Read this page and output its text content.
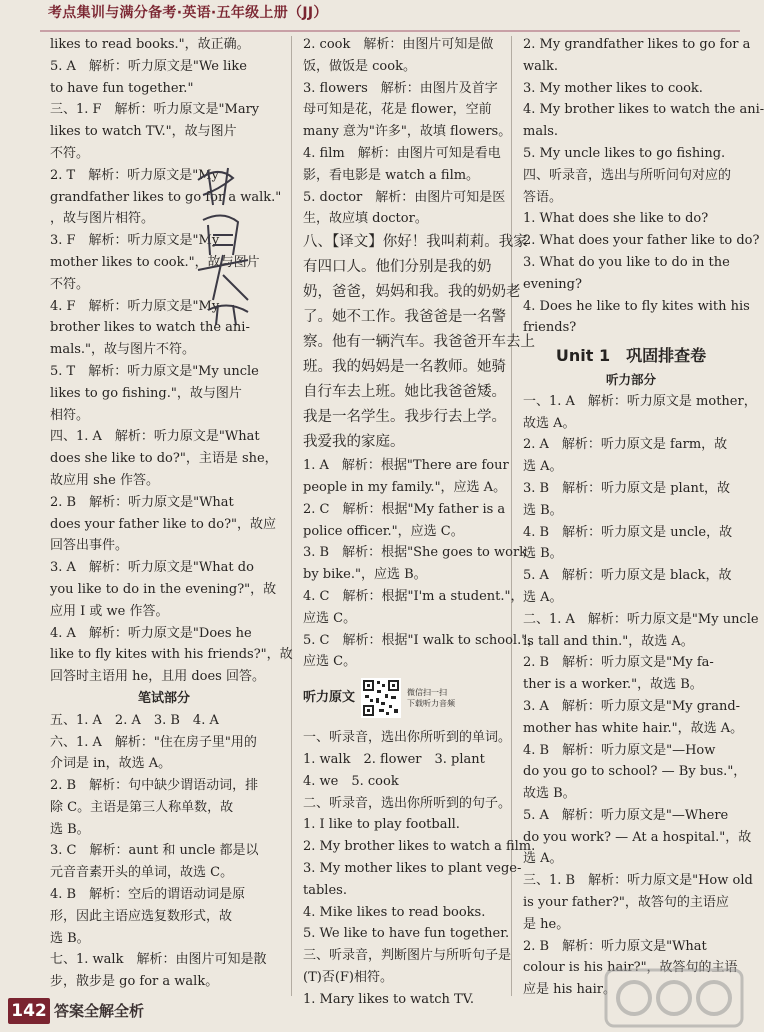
考点集训与满分备考·英语·五年级上册（JJ）
likes to read books."，故正确。
5. A　解析：听力原文是"We like
to have fun together."
三、1. F　解析：听力原文是"Mary
likes to watch TV."，故与图片
不符。
2. T　解析：听力原文是"My
grandfather likes to go for a walk."
，故与图片相符。
3. F　解析：听力原文是"My
mother likes to cook."，故与图片
不符。
4. F　解析：听力原文是"My
brother likes to watch the ani-
mals."，故与图片不符。
5. T　解析：听力原文是"My uncle
likes to go fishing."，故与图片
相符。
四、1. A　解析：听力原文是"What
does she like to do?"，主语是 she，
故应用 she 作答。
2. B　解析：听力原文是"What
does your father like to do?"，故应
回答出事件。
3. A　解析：听力原文是"What do
you like to do in the evening?"，故
应用 I 或 we 作答。
4. A　解析：听力原文是"Does he
like to fly kites with his friends?"，故
回答时主语用 he，且用 does 回答。
笔试部分
五、1. A　2. A　3. B　4. A
六、1. A　解析："住在房子里"用的
介词是 in，故选 A。
2. B　解析：句中缺少谓语动词，排
除 C。主语是第三人称单数，故
选 B。
3. C　解析：aunt 和 uncle 都是以
元音音素开头的单词，故选 C。
4. B　解析：空后的谓语动词是原
形，因此主语应选复数形式，故
选 B。
七、1. walk　解析：由图片可知是散
步，散步是 go for a walk。
2. cook　解析：由图片可知是做
饭，做饭是 cook。
3. flowers　解析：由图片及首字
母可知是花，花是 flower，空前
many 意为"许多"，故填 flowers。
4. film　解析：由图片可知是看电
影，看电影是 watch a film。
5. doctor　解析：由图片可知是医
生，故应填 doctor。
八、【译文】你好！我叫莉莉。我家
有四口人。他们分别是我的奶
奶，爸爸，妈妈和我。我的奶奶老
了。她不工作。我爸爸是一名警
察。他有一辆汽车。我爸爸开车去上
班。我的妈妈是一名教师。她骑
自行车去上班。她比我爸爸矮。
我是一名学生。我步行去上学。
我爱我的家庭。
1. A　解析：根据"There are four
people in my family."，应选 A。
2. C　解析：根据"My father is a
police officer."，应选 C。
3. B　解析：根据"She goes to work
by bike."，应选 B。
4. C　解析：根据"I'm a student."，
应选 C。
5. C　解析：根据"I walk to school."，
应选 C。
听力原文	微信扫一扫
下载听力音频
一、听录音，选出你所听到的单词。
1. walk　2. flower　3. plant
4. we　5. cook
二、听录音，选出你所听到的句子。
1. I like to play football.
2. My brother likes to watch a film.
3. My mother likes to plant vege-
tables.
4. Mike likes to read books.
5. We like to have fun together.
三、听录音，判断图片与所听句子是
(T)否(F)相符。
1. Mary likes to watch TV.
2. My grandfather likes to go for a
walk.
3. My mother likes to cook.
4. My brother likes to watch the ani-
mals.
5. My uncle likes to go fishing.
四、听录音，选出与所听问句对应的
答语。
1. What does she like to do?
2. What does your father like to do?
3. What do you like to do in the
evening?
4. Does he like to fly kites with his
friends?
Unit 1　巩固排查卷
听力部分
一、1. A　解析：听力原文是 mother，
故选 A。
2. A　解析：听力原文是 farm，故
选 A。
3. B　解析：听力原文是 plant，故
选 B。
4. B　解析：听力原文是 uncle，故
选 B。
5. A　解析：听力原文是 black，故
选 A。
二、1. A　解析：听力原文是"My uncle
is tall and thin."，故选 A。
2. B　解析：听力原文是"My fa-
ther is a worker."，故选 B。
3. A　解析：听力原文是"My grand-
mother has white hair."，故选 A。
4. B　解析：听力原文是"—How
do you go to school? — By bus."，
故选 B。
5. A　解析：听力原文是"—Where
do you work? — At a hospital."，故
选 A。
三、1. B　解析：听力原文是"How old
is your father?"，故答句的主语应
是 he。
2. B　解析：听力原文是"What
colour is his hair?"，故答句的主语
应是 his hair。
142 答案全解全析
